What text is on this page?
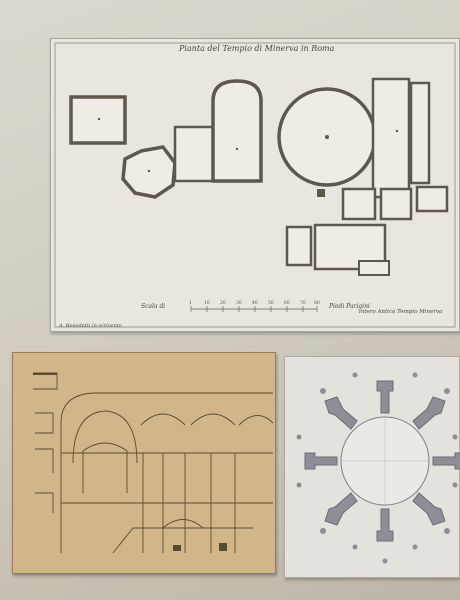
Pianta del Tempio di Minerva in Roma
Scala di	1	10 20 30 40 50 60 70 80 Piedi Parigini
A. Benedetti in scrivente
intero Antico Tempio Minerva
